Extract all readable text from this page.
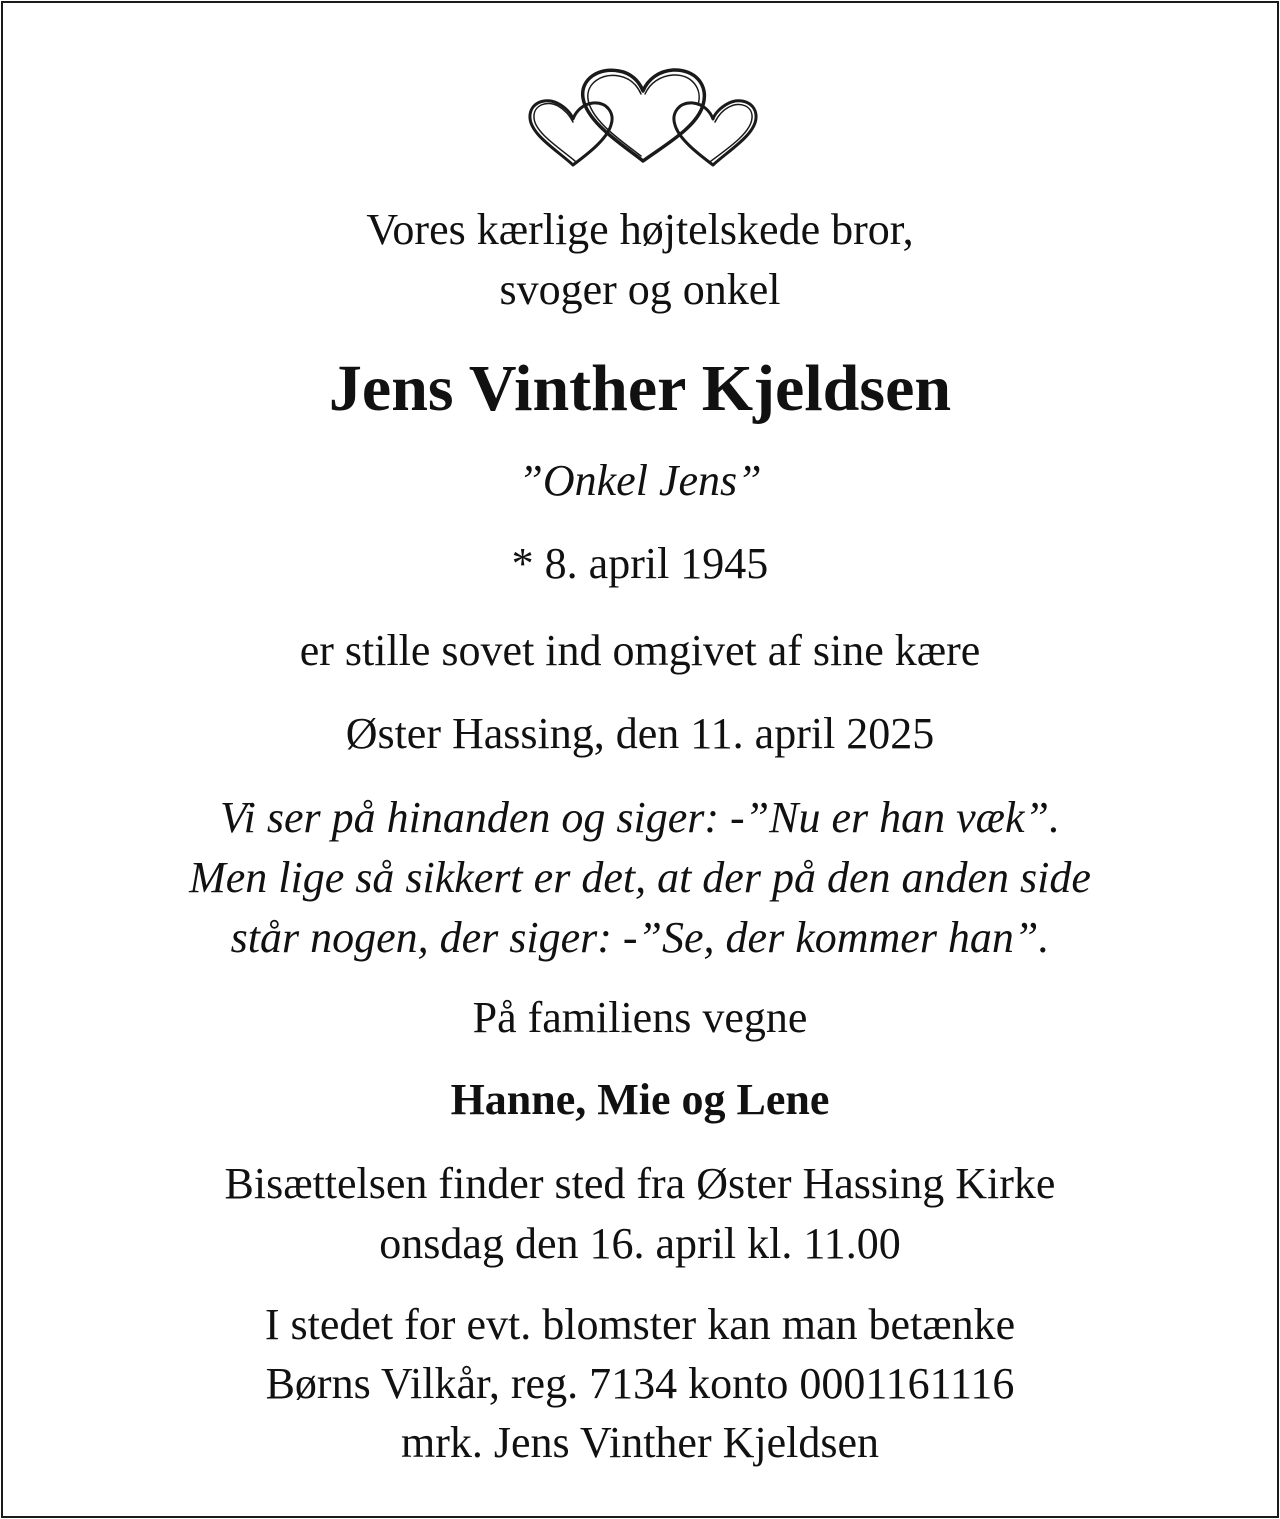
Vores kærlige højtelskede bror,
svoger og onkel
Jens Vinther Kjeldsen
”Onkel Jens”
* 8. april 1945
er stille sovet ind omgivet af sine kære
Øster Hassing, den 11. april 2025
Vi ser på hinanden og siger: -”Nu er han væk”.
Men lige så sikkert er det, at der på den anden side
står nogen, der siger: -”Se, der kommer han”.
På familiens vegne
Hanne, Mie og Lene
Bisættelsen finder sted fra Øster Hassing Kirke
onsdag den 16. april kl. 11.00
I stedet for evt. blomster kan man betænke
Børns Vilkår, reg. 7134 konto 0001161116
mrk. Jens Vinther Kjeldsen
